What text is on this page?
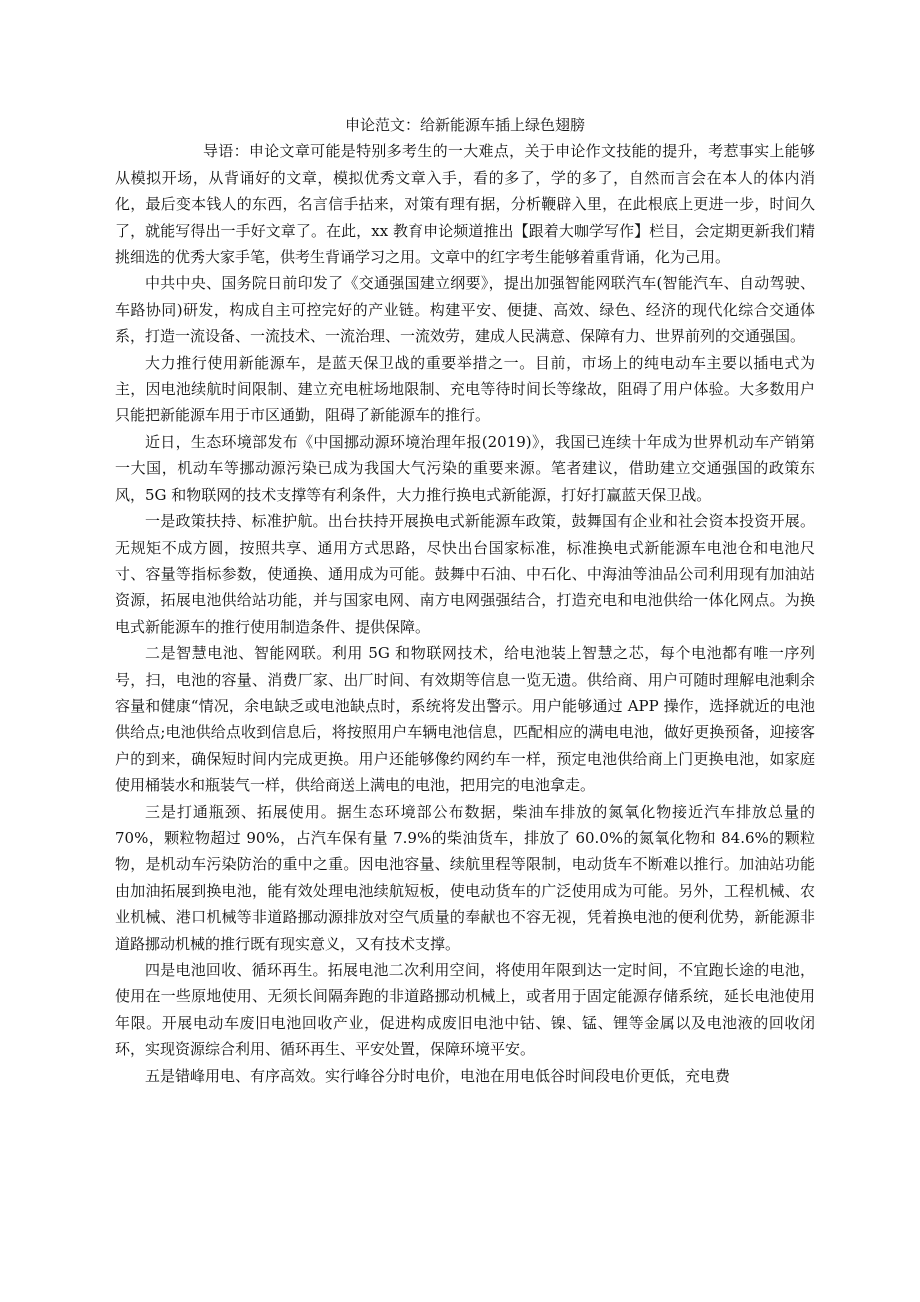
申论范文：给新能源车插上绿色翅膀

导语：申论文章可能是特别多考生的一大难点，关于申论作文技能的提升，考惹事实上能够从模拟开场，从背诵好的文章，模拟优秀文章入手，看的多了，学的多了，自然而言会在本人的体内消化，最后变本钱人的东西，名言信手拈来，对策有理有据，分析鞭辟入里，在此根底上更进一步，时间久了，就能写得出一手好文章了。在此，xx 教育申论频道推出【跟着大咖学写作】栏目，会定期更新我们精挑细选的优秀大家手笔，供考生背诵学习之用。文章中的红字考生能够着重背诵，化为己用。

中共中央、国务院日前印发了《交通强国建立纲要》，提出加强智能网联汽车(智能汽车、自动驾驶、车路协同)研发，构成自主可控完好的产业链。构建平安、便捷、高效、绿色、经济的现代化综合交通体系，打造一流设备、一流技术、一流治理、一流效劳，建成人民满意、保障有力、世界前列的交通强国。

大力推行使用新能源车，是蓝天保卫战的重要举措之一。目前，市场上的纯电动车主要以插电式为主，因电池续航时间限制、建立充电桩场地限制、充电等待时间长等缘故，阻碍了用户体验。大多数用户只能把新能源车用于市区通勤，阻碍了新能源车的推行。

近日，生态环境部发布《中国挪动源环境治理年报(2019)》，我国已连续十年成为世界机动车产销第一大国，机动车等挪动源污染已成为我国大气污染的重要来源。笔者建议，借助建立交通强国的政策东风，5G 和物联网的技术支撑等有利条件，大力推行换电式新能源，打好打赢蓝天保卫战。

一是政策扶持、标准护航。出台扶持开展换电式新能源车政策，鼓舞国有企业和社会资本投资开展。无规矩不成方圆，按照共享、通用方式思路，尽快出台国家标准，标准换电式新能源车电池仓和电池尺寸、容量等指标参数，使通换、通用成为可能。鼓舞中石油、中石化、中海油等油品公司利用现有加油站资源，拓展电池供给站功能，并与国家电网、南方电网强强结合，打造充电和电池供给一体化网点。为换电式新能源车的推行使用制造条件、提供保障。

二是智慧电池、智能网联。利用 5G 和物联网技术，给电池装上智慧之芯，每个电池都有唯一序列号，扫，电池的容量、消费厂家、出厂时间、有效期等信息一览无遗。供给商、用户可随时理解电池剩余容量和健康“情况，余电缺乏或电池缺点时，系统将发出警示。用户能够通过 APP 操作，选择就近的电池供给点;电池供给点收到信息后，将按照用户车辆电池信息，匹配相应的满电电池，做好更换预备，迎接客户的到来，确保短时间内完成更换。用户还能够像约网约车一样，预定电池供给商上门更换电池，如家庭使用桶装水和瓶装气一样，供给商送上满电的电池，把用完的电池拿走。

三是打通瓶颈、拓展使用。据生态环境部公布数据，柴油车排放的氮氧化物接近汽车排放总量的 70%，颗粒物超过 90%，占汽车保有量 7.9%的柴油货车，排放了 60.0%的氮氧化物和 84.6%的颗粒物，是机动车污染防治的重中之重。因电池容量、续航里程等限制，电动货车不断难以推行。加油站功能由加油拓展到换电池，能有效处理电池续航短板，使电动货车的广泛使用成为可能。另外，工程机械、农业机械、港口机械等非道路挪动源排放对空气质量的奉献也不容无视，凭着换电池的便利优势，新能源非道路挪动机械的推行既有现实意义，又有技术支撑。

四是电池回收、循环再生。拓展电池二次利用空间，将使用年限到达一定时间，不宜跑长途的电池，使用在一些原地使用、无须长间隔奔跑的非道路挪动机械上，或者用于固定能源存储系统，延长电池使用年限。开展电动车废旧电池回收产业，促进构成废旧电池中钴、镍、锰、锂等金属以及电池液的回收闭环，实现资源综合利用、循环再生、平安处置，保障环境平安。

五是错峰用电、有序高效。实行峰谷分时电价，电池在用电低谷时间段电价更低，充电费
